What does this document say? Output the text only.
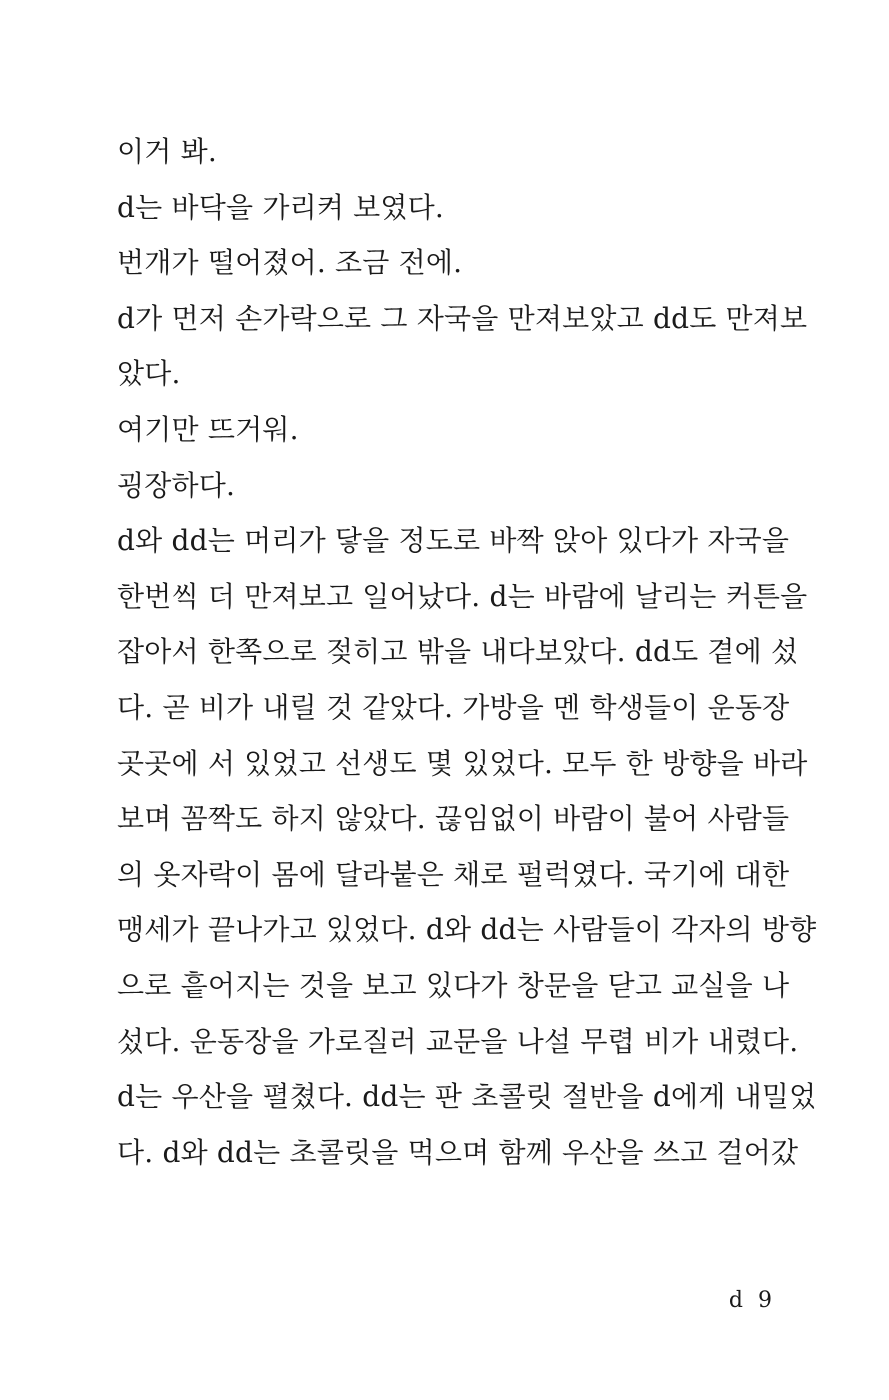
이거 봐.
d는 바닥을 가리켜 보였다.
번개가 떨어졌어. 조금 전에.
d가 먼저 손가락으로 그 자국을 만져보았고 dd도 만져보
았다.
여기만 뜨거워.
굉장하다.
d와 dd는 머리가 닿을 정도로 바짝 앉아 있다가 자국을
한번씩 더 만져보고 일어났다. d는 바람에 날리는 커튼을
잡아서 한쪽으로 젖히고 밖을 내다보았다. dd도 곁에 섰
다. 곧 비가 내릴 것 같았다. 가방을 멘 학생들이 운동장
곳곳에 서 있었고 선생도 몇 있었다. 모두 한 방향을 바라
보며 꼼짝도 하지 않았다. 끊임없이 바람이 불어 사람들
의 옷자락이 몸에 달라붙은 채로 펄럭였다. 국기에 대한
맹세가 끝나가고 있었다. d와 dd는 사람들이 각자의 방향
으로 흩어지는 것을 보고 있다가 창문을 닫고 교실을 나
섰다. 운동장을 가로질러 교문을 나설 무렵 비가 내렸다.
d는 우산을 펼쳤다. dd는 판 초콜릿 절반을 d에게 내밀었
다. d와 dd는 초콜릿을 먹으며 함께 우산을 쓰고 걸어갔
d 9
